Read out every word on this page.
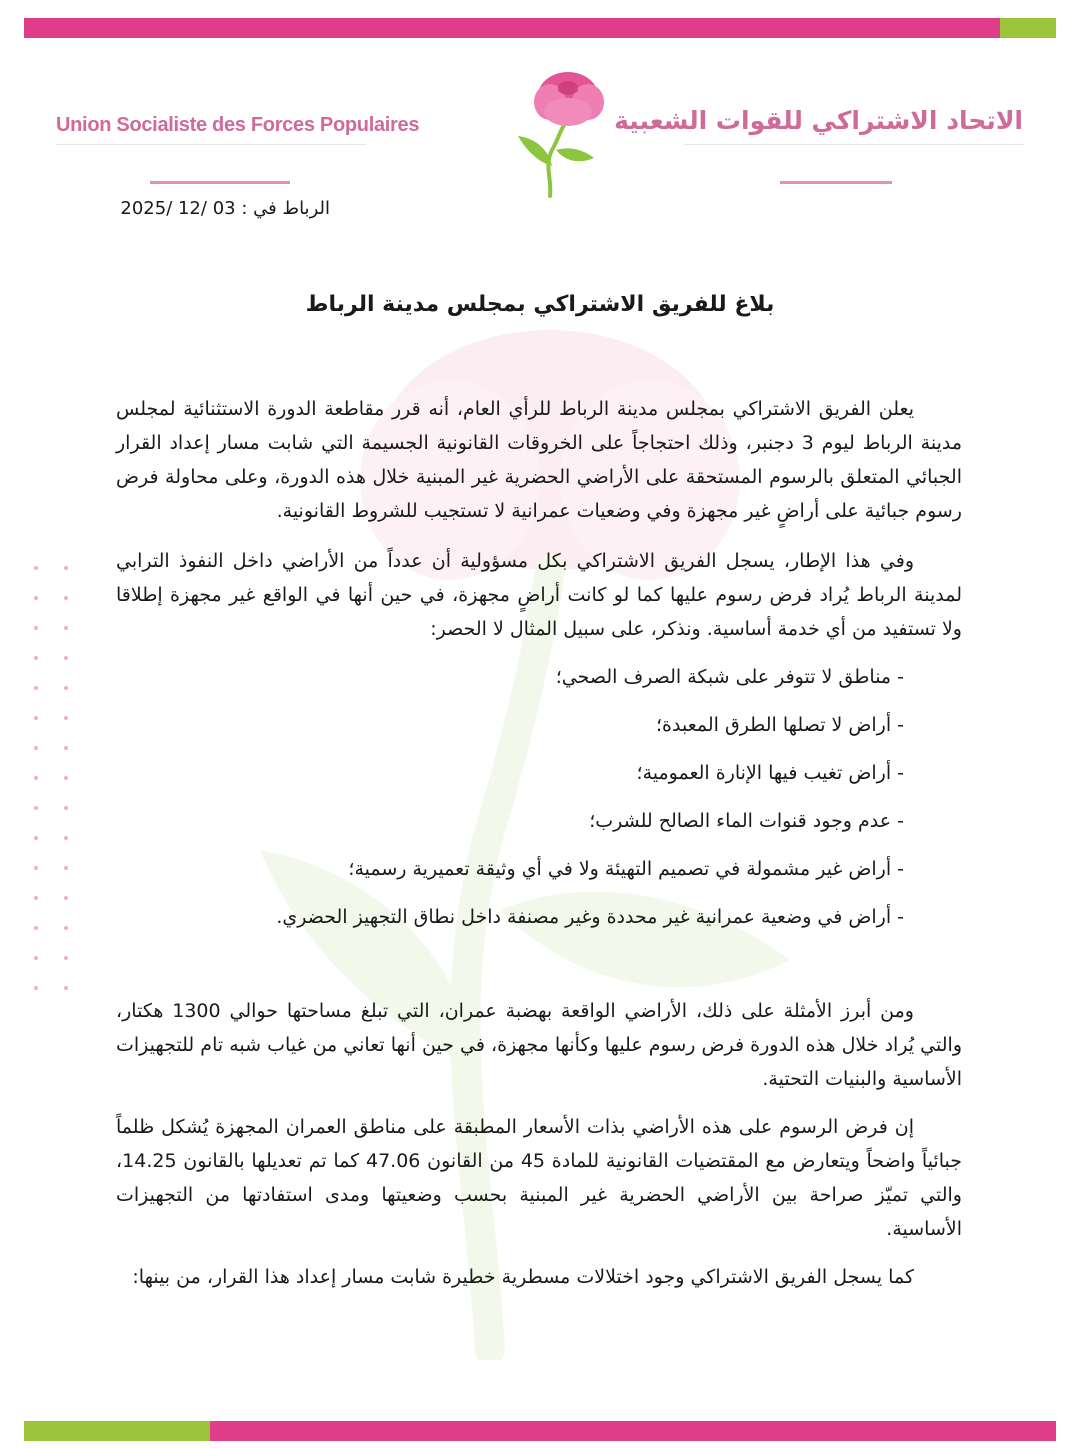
Union Socialiste des Forces Populaires	الاتحاد الاشتراكي للقوات الشعبية
الرباط في : 03 /12 /2025
بلاغ للفريق الاشتراكي بمجلس مدينة الرباط

يعلن الفريق الاشتراكي بمجلس مدينة الرباط للرأي العام، أنه قرر مقاطعة الدورة الاستثنائية لمجلس مدينة الرباط ليوم 3 دجنبر، وذلك احتجاجاً على الخروقات القانونية الجسيمة التي شابت مسار إعداد القرار الجبائي المتعلق بالرسوم المستحقة على الأراضي الحضرية غير المبنية خلال هذه الدورة، وعلى محاولة فرض رسوم جبائية على أراضٍ غير مجهزة وفي وضعيات عمرانية لا تستجيب للشروط القانونية.

وفي هذا الإطار، يسجل الفريق الاشتراكي بكل مسؤولية أن عدداً من الأراضي داخل النفوذ الترابي لمدينة الرباط يُراد فرض رسوم عليها كما لو كانت أراضٍ مجهزة، في حين أنها في الواقع غير مجهزة إطلاقا ولا تستفيد من أي خدمة أساسية. ونذكر، على سبيل المثال لا الحصر:

- مناطق لا تتوفر على شبكة الصرف الصحي؛
- أراض لا تصلها الطرق المعبدة؛
- أراض تغيب فيها الإنارة العمومية؛
- عدم وجود قنوات الماء الصالح للشرب؛
- أراض غير مشمولة في تصميم التهيئة ولا في أي وثيقة تعميرية رسمية؛
- أراض في وضعية عمرانية غير محددة وغير مصنفة داخل نطاق التجهيز الحضري.

ومن أبرز الأمثلة على ذلك، الأراضي الواقعة بهضبة عمران، التي تبلغ مساحتها حوالي 1300 هكتار، والتي يُراد خلال هذه الدورة فرض رسوم عليها وكأنها مجهزة، في حين أنها تعاني من غياب شبه تام للتجهيزات الأساسية والبنيات التحتية.

إن فرض الرسوم على هذه الأراضي بذات الأسعار المطبقة على مناطق العمران المجهزة يُشكل ظلماً جبائياً واضحاً ويتعارض مع المقتضيات القانونية للمادة 45 من القانون 47.06 كما تم تعديلها بالقانون 14.25، والتي تميّز صراحة بين الأراضي الحضرية غير المبنية بحسب وضعيتها ومدى استفادتها من التجهيزات الأساسية.

كما يسجل الفريق الاشتراكي وجود اختلالات مسطرية خطيرة شابت مسار إعداد هذا القرار، من بينها:
